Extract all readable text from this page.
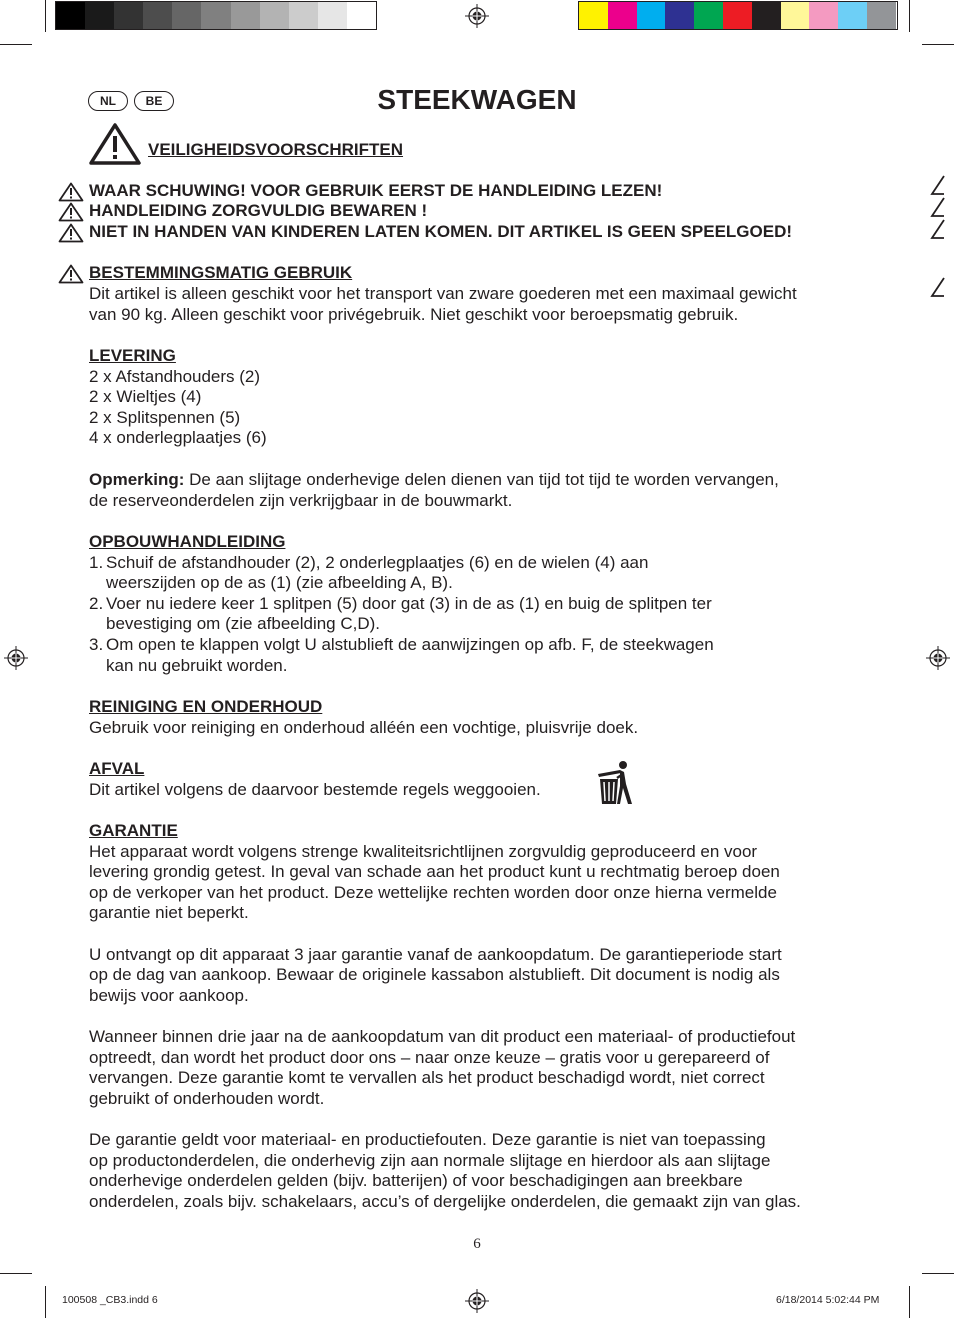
NL	BE	STEEKWAGEN
VEILIGHEIDSVOORSCHRIFTEN
WAAR SCHUWING! VOOR GEBRUIK EERST DE HANDLEIDING LEZEN!
HANDLEIDING ZORGVULDIG BEWAREN !
NIET IN HANDEN VAN KINDEREN LATEN KOMEN. DIT ARTIKEL IS GEEN SPEELGOED!
BESTEMMINGSMATIG GEBRUIK
Dit artikel is alleen geschikt voor het transport van zware goederen met een maximaal gewicht
van 90 kg. Alleen geschikt voor privégebruik. Niet geschikt voor beroepsmatig gebruik.
LEVERING
2 x Afstandhouders (2)
2 x Wieltjes (4)
2 x Splitspennen (5)
4 x onderlegplaatjes (6)
Opmerking: De aan slijtage onderhevige delen dienen van tijd tot tijd te worden vervangen,
de reserveonderdelen zijn verkrijgbaar in de bouwmarkt.
OPBOUWHANDLEIDING
1. Schuif de afstandhouder (2), 2 onderlegplaatjes (6) en de wielen (4) aan
weerszijden op de as (1) (zie afbeelding A, B).
2. Voer nu iedere keer 1 splitpen (5) door gat (3) in de as (1) en buig de splitpen ter
bevestiging om (zie afbeelding C,D).
3. Om open te klappen volgt U alstublieft de aanwijzingen op afb. F, de steekwagen
kan nu gebruikt worden.
REINIGING EN ONDERHOUD
Gebruik voor reiniging en onderhoud alléén een vochtige, pluisvrije doek.
AFVAL
Dit artikel volgens de daarvoor bestemde regels weggooien.
GARANTIE
Het apparaat wordt volgens strenge kwaliteitsrichtlijnen zorgvuldig geproduceerd en voor
levering grondig getest. In geval van schade aan het product kunt u rechtmatig beroep doen
op de verkoper van het product. Deze wettelijke rechten worden door onze hierna vermelde
garantie niet beperkt.
U ontvangt op dit apparaat 3 jaar garantie vanaf de aankoopdatum. De garantieperiode start
op de dag van aankoop. Bewaar de originele kassabon alstublieft. Dit document is nodig als
bewijs voor aankoop.
Wanneer binnen drie jaar na de aankoopdatum van dit product een materiaal- of productiefout
optreedt, dan wordt het product door ons – naar onze keuze – gratis voor u gerepareerd of
vervangen. Deze garantie komt te vervallen als het product beschadigd wordt, niet correct
gebruikt of onderhouden wordt.
De garantie geldt voor materiaal- en productiefouten. Deze garantie is niet van toepassing
op productonderdelen, die onderhevig zijn aan normale slijtage en hierdoor als aan slijtage
onderhevige onderdelen gelden (bijv. batterijen) of voor beschadigingen aan breekbare
onderdelen, zoals bijv. schakelaars, accu’s of dergelijke onderdelen, die gemaakt zijn van glas.
6
100508 _CB3.indd 6	6/18/2014 5:02:44 PM
